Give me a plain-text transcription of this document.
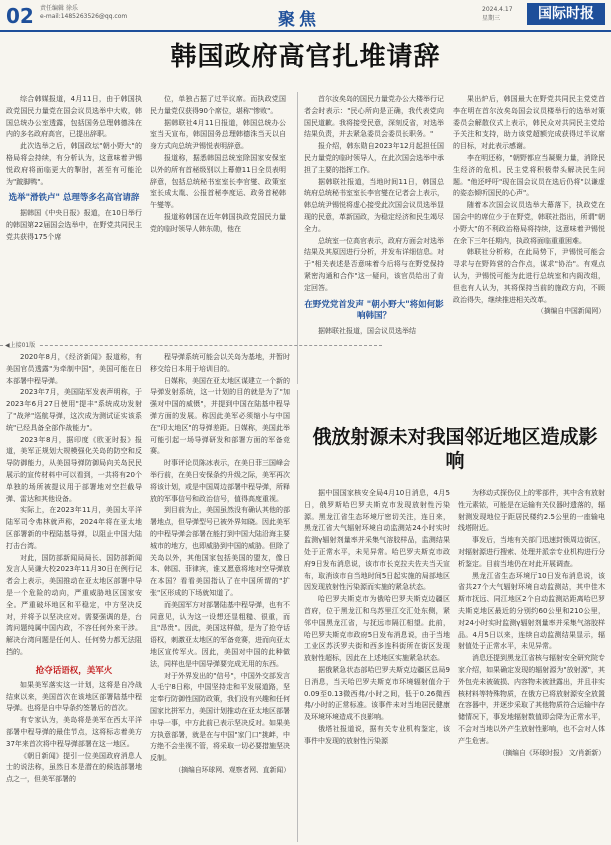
02 责任编辑 徐乐
e-mail:1485263526@qq.com	聚焦
2024.4.17
星期三	国际时报
韩国政府高官扎堆请辞

综合韩媒报道，4月11日，由于韩国执政党国民力量党在国会议员选举中大败，韩国总统办公室透露，包括国务总理韩德洙在内的多名政府高官，已提出辞职。

此次选举之后，韩国政坛"朝小野大"的格局将会持续，有分析认为，这意味着尹锡悦政府将面临更大的掣肘，甚至有可能沦为"跛脚鸭"。

选举"滑铁卢" 总理等多名高官请辞

据韩国《中央日报》报道，在10日举行的韩国第22届国会选举中，在野党共同民主党共获得175个席

位，单独占据了过半议席。而执政党国民力量党仅获得90个席位，堪称"惨败"。

据韩联社4月11日报道，韩国总统办公室当天宣布，韩国国务总理韩德洙当天以自身方式向总统尹锡悦表明辞意。

报道称，据悉韩国总统室除国家安保室以外的所有首秘级别以上幕僚11日全员表明辞意，包括总统秘书室室长李官燮、政策室室长成太胤、公报首秘李度运、政务首秘韩午燮等。

报道称韩国在近年韩国执政党国民力量党的临时领导人韩东勋，他在

首尔汝矣岛的国民力量党办公大楼举行记者会时表示："民心所向是正确，我代表党向国民道歉。我将接受民意，深刻反省，对选举结果负责，并去紧急委员会委员长职务。"

报介绍，韩东勋自2023年12月起担任国民力量党的临时领导人，在此次国会选举中承担了主要的指挥工作。

据韩联社报道，当地时间11日，韩国总统府总统秘书室室长李官燮在记者会上表示，韩总统尹锡悦将虚心接受此次国会议员选举显现的民意，革新国政，为稳定经济和民生竭尽全力。

总统室一位高官表示，政府方面会对选举结果及其原因进行分析，并发布详细信息。对于"相关表述是否意味着今后将与在野党保持紧密沟通和合作"这一疑问，该官员给出了肯定回答。

在野党党首发声 "朝小野大"将如何影响韩国？

据韩联社报道，国会议员选举结

果出炉后，韩国最大在野党共同民主党党首李在明在首尔汝矣岛国会议员楼举行的选举对策委员会解散仪式上表示，韩民众对共同民主党给予关注和支持，助力该党超额完成获得过半议席的目标，对此表示感谢。

李在明还称，"朝野都应当凝聚力量，消除民生经济的危机。民主党将积极带头解决民生问题。"他还呼吁"现在国会议员在选后仍将"以谦虚的姿态倾听国民的心声"。

随着本次国会议员选举大幕落下，执政党在国会中的席位少于在野党，韩联社指出，所谓"朝小野大"的不利政治格局将持续，这意味着尹锡悦在余下三年任期内，执政将面临重重困难。

韩联社分析称，在此局势下，尹锡悦可能会寻求与在野阵营的合作点，谋求"协治"。有观点认为，尹锡悦可能为此进行总统室和内阁改组，但也有人认为，其将保持当前的施政方向，不顾政治得失，继续推进相关改革。

（摘编自中国新闻网）

◀上接01版

2020年8月，《经济新闻》报道称，有美国官员透露"为牵制中国"，美国可能在日本部署中程导弹。

2023年7月，美国陆军发表声明称，于2023年6月27日使用"提丰"系统成功发射了"战斧"巡航导弹，这次成为测试证实该系统"已经具备全部作战能力"。

2023年8月，据印度《欧亚时报》报道，美军正规划大规模强化关岛的防空和反导防御能力，从美国导弹防御局向关岛民民展示的宣传材料中可以看到，一共将有20个单独的场所被提议用于部署地对空拦截导弹、雷达和其他设备。

实际上，在2023年11月，美国太平洋陆军司令弗林就声称，2024年将在亚太地区部署新的中程陆基导弹，以阻止中国大陆打击台湾。

对此，国防部新闻局局长、国防部新闻发言人吴谦大校2023年11月30日在例行记者会上表示，美国推动在亚太地区部署中导是一个危险的动向，严重威胁地区国家安全。严重破坏地区和平稳定，中方坚决反对，并将予以坚决应对。需要强调的是，台湾问题纯属中国内政，不容任何外来干涉。解决台湾问题是任何人、任何势力都无法阻挡的。

抢夺话语权，美军火

如果美军落实这一计划，这将是自冷战结束以来，美国首次在该地区部署陆基中程导弹。也将是自中导条约签署后的首次。

有专家认为，美岛将是美军在西太平洋部署中程导弹的最佳节点，这将标志着美方37年来首次将中程导弹部署在这一地区。

《朝日新闻》提引一位美国政府消息人士的说法称，虽然日本是潜在的候选部署地点之一，但美军部署的

程导弹系统可能会以关岛为基地，并暂时移交给日本用于培训目的。

日媒称，美国在亚太地区谋建立一个新的导弹发射系统，这一计划的目的就是为了"加强对中国的威慑"，并提到中国在陆基中程导弹方面的发展。称因此美军必须缩小与中国在"印太地区"的导弹差距。日媒称，美国此举可能引起一场导弹研发和部署方面的军备竞赛。

时事评论员陈冰表示，在美日菲三国峰会举行前，在美日安保条约升级之际，美军再次将该计划，或是中国周边部署中程导弹，所释放的军事信号和政治信号，值得高度重视。

到目前为止，美国虽然没有确认其他的部署地点，但导弹型号已被外界知晓。因此美军的中程导弹会部署在能打到中国大陆沿海主要城市的地方，也即威胁到中国的威胁。但除了关岛以外，其他国家包括美国的盟友，像日本、韩国、菲律宾，谁又愿意将地对空导弹放在本国？看看美国指认了在中国所谓的"扩张"区形成的下场就知道了。

而美国军方对部署陆基中程导弹，也有不同意见，认为这一设想还显粗糙、很重，而且"昂贵"。因此，美国这样做，是为了抢夺话语权，刺激亚太地区的军备竞赛，进而向亚太地区宣传军火。因此，美国对中国的此种做法，同样也是中国导弹要完成无用的东西。

对于外界发出的"信号"，中国外交部发言人毛宁8日称，中国坚持走和平发展道路，坚定奉行防御性国防政策，我们没有兴趣和任何国家比拼军力，美国计划推动在亚太地区部署中导一事，中方此前已表示坚决反对。如果美方执意部署，就是在与中国"家门口"挑衅，中方绝不会坐视不管，将采取一切必要措施坚决反制。

（摘编自环球网、观察者网、直新闻）

俄放射源未对我国邻近地区造成影响

据中国国家核安全局4月10日消息，4月5日，俄罗斯哈巴罗夫斯克市发现放射性污染源。黑龙江省生态环境厅密切关注，连日来，黑龙江省大气辐射环境自动监测站24小时实时监测γ辐射剂量率并采集气溶胶样品，监测结果处于正常水平，未见异常。哈巴罗夫斯克市政府9日发布消息说，该市市长克拉夫佐夫当天宣布，取消该市自当地时间5日起实施的局部地区因发现放射性污染源而实施的紧急状态。

哈巴罗夫斯克市为俄哈巴罗夫斯克边疆区首府，位于黑龙江和乌苏里江交汇处东侧，紧邻中国黑龙江省，与抚远市隔江相望。此前，哈巴罗夫斯克市政府5日发布消息说，由于当地工业区苏沃罗夫街和西多连科街所在街区发现放射性超标，因此在上述地区实施紧急状态。

据俄紧急状态部哈巴罗夫斯克边疆区总局9日消息，当天哈巴罗夫斯克市环境辐射值介于0.09至0.13微西弗/小时之间，低于0.26微西弗/小时的正常标准。该事件未对当地居民健康及环境环境造成不良影响。

俄塔社报道说，据有关专业机构鉴定，该事件中发现的放射性污染源

为移动式探伤仪上的零部件，其中含有放射性元素铱，可能是在运输有关仪器时遗落的，辐射测发现地位于距居民楼约2.5公里的一座输电线塔附近。

事发后，当地有关部门迅速封锁周边街区，对辐射源进行搜索、处理并派亲专业机构进行分析鉴定。目前当地仍在对此开展调查。

黑龙江省生态环境厅10日发布消息说，该省共27个大气辐射环境自动监测站，其中佳木斯市抚远、同江地区2个自动监测站距离哈巴罗夫斯克地区最近的分别约60公里和210公里，对24小时实时监测γ辐射剂量率并采集气溶胶样品。4月5日以来，连续自动监测结果显示，辐射值处于正常水平，未见异常。

消息还提到黑龙江省核与辐射安全研究院专家介绍，如果确定发现的辐射源为"放射源"，其外包壳未被破损、内容物未被泄露出，并且非实核材料等特殊物质，在俄方已将放射源安全放置在容器中，并逐步采取了其他物质符合运输中存储情况下，事发地辐射数值即会降为正常水平，不会对当地以外产生放射性影响，也不会对人体产生危害。

（摘编自《环球时报》 文/肖新新）
